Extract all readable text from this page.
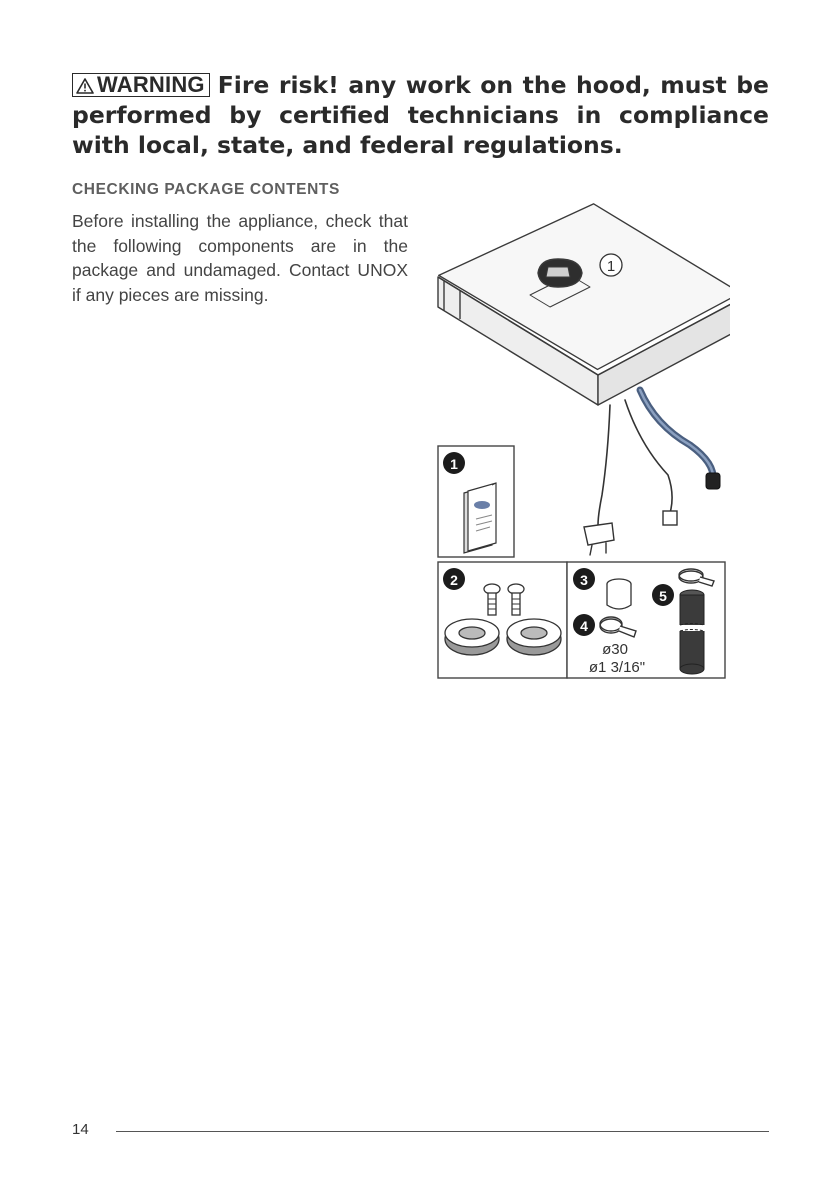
WARNING Fire risk! any work on the hood, must be performed by certified technicians in compliance with local, state, and federal regulations.
CHECKING PACKAGE CONTENTS

Before installing the appliance, check that the following components are in the package and undamaged. Contact UNOX if any pieces are missing.

1
1
2	3
4
ø30
ø1 3/16"
5
14
